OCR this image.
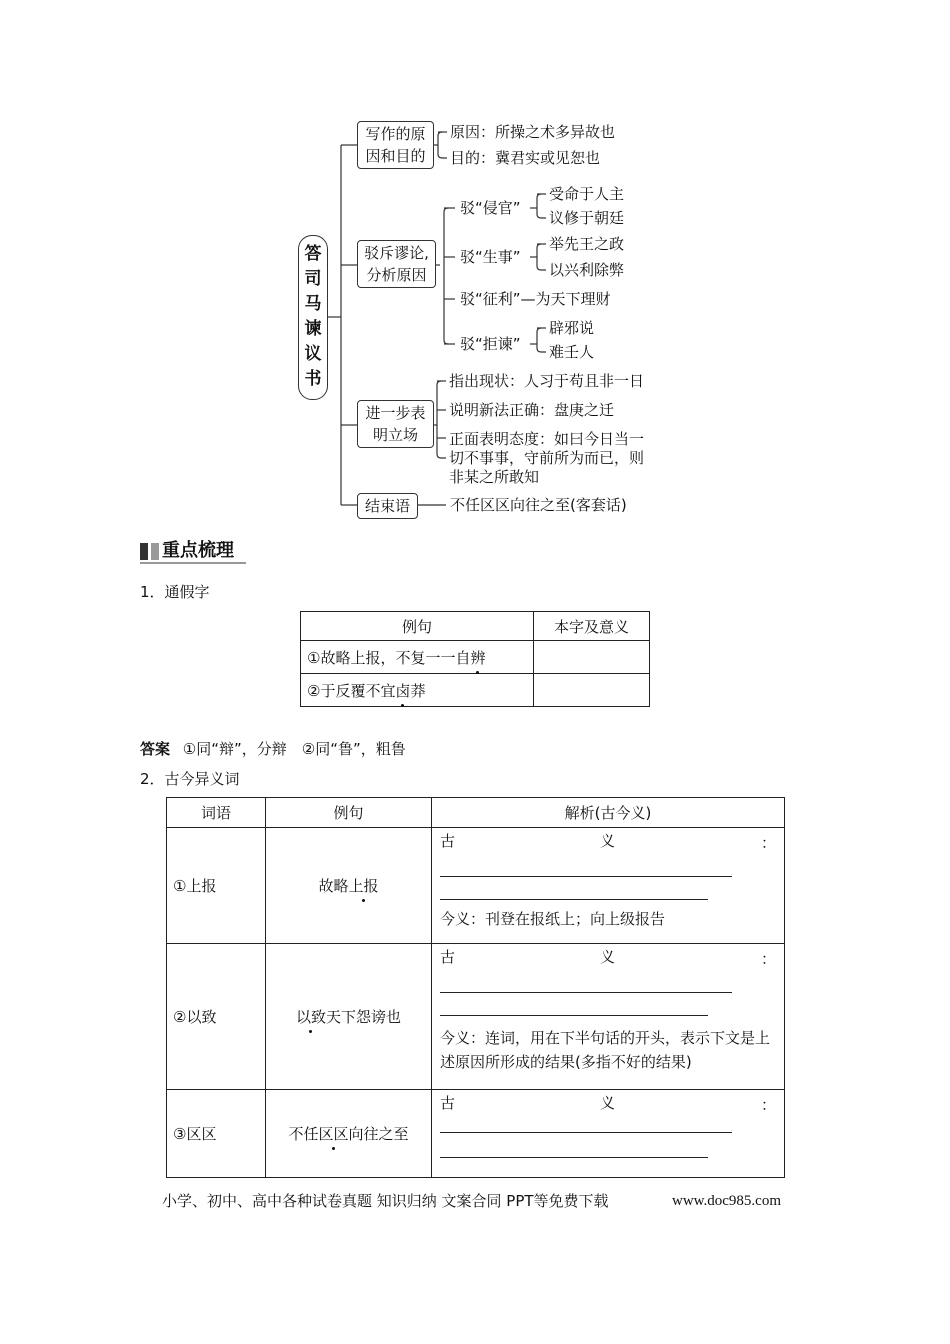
答司马谏议书
写作的原
因和目的
驳斥谬论,
分析原因
进一步表
明立场
结束语
原因：所操之术多异故也
目的：冀君实或见恕也
驳“侵官”
受命于人主
议修于朝廷
驳“生事”
举先王之政
以兴利除弊
驳“征利”—为天下理财
驳“拒谏”
辟邪说
难壬人
指出现状：人习于苟且非一日
说明新法正确：盘庚之迁
正面表明态度：如曰今日当一
切不事事，守前所为而已，则
非某之所敢知
不任区区向往之至(客套话)
重点梳理
1．通假字
例句	本字及意义
①故略上报，不复一一自辨	
②于反覆不宜卤莽	
答案 ①同“辩”，分辩　②同“鲁”，粗鲁
2．古今异义词
词语	例句	解析(古今义)
①上报	故略上报	古 义 ：
今义：刊登在报纸上；向上级报告

②以致	以致天下怨谤也	古 义 ：
今义：连词，用在下半句话的开头，表示下文是上述原因所形成的结果(多指不好的结果)

③区区	不任区区向往之至	古 义 ：
小学、初中、高中各种试卷真题 知识归纳 文案合同 PPT等免费下载	www.doc985.com
